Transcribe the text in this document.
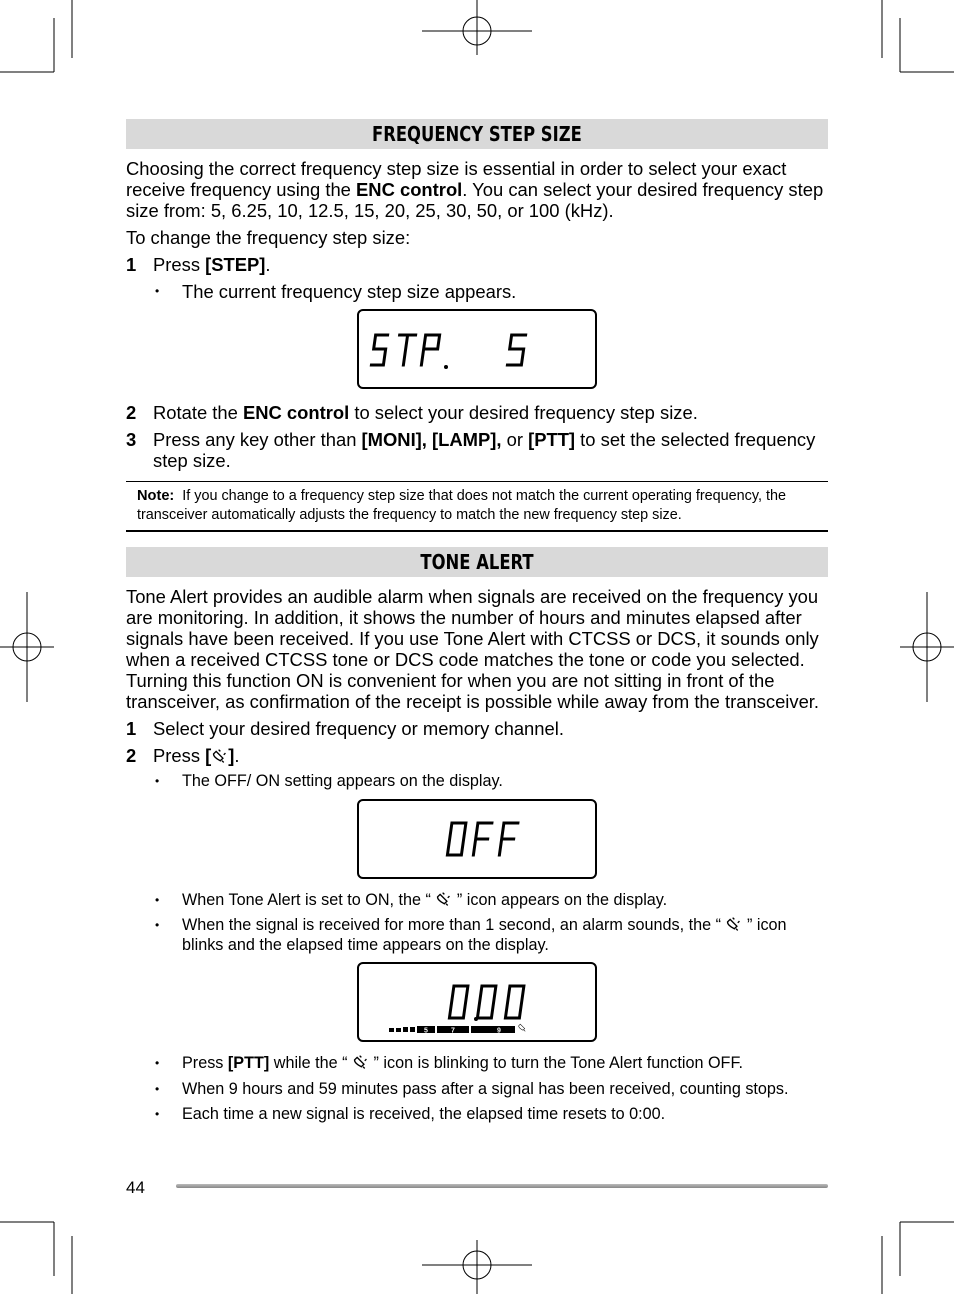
FREQUENCY STEP SIZE

Choosing the correct frequency step size is essential in order to select your exact receive frequency using the ENC control. You can select your desired frequency step size from: 5, 6.25, 10, 12.5, 15, 20, 25, 30, 50, or 100 (kHz).

To change the frequency step size:

1 Press [STEP].
•	The current frequency step size appears.
2 Rotate the ENC control to select your desired frequency step size.
3 Press any key other than [MONI], [LAMP], or [PTT] to set the selected frequency step size.
Note: If you change to a frequency step size that does not match the current operating frequency, the transceiver automatically adjusts the frequency to match the new frequency step size.
TONE ALERT

Tone Alert provides an audible alarm when signals are received on the frequency you are monitoring. In addition, it shows the number of hours and minutes elapsed after signals have been received. If you use Tone Alert with CTCSS or DCS, it sounds only when a received CTCSS tone or DCS code matches the tone or code you selected. Turning this function ON is convenient for when you are not sitting in front of the transceiver, as confirmation of the receipt is possible while away from the transceiver.

1 Select your desired frequency or memory channel.
2 Press [ ].
•	The OFF/ ON setting appears on the display.
•	When Tone Alert is set to ON, the “  ” icon appears on the display.
•	When the signal is received for more than 1 second, an alarm sounds, the “  ” icon blinks and the elapsed time appears on the display.
5	7	9
•	Press [PTT] while the “  ” icon is blinking to turn the Tone Alert function OFF.
•	When 9 hours and 59 minutes pass after a signal has been received, counting stops.
•	Each time a new signal is received, the elapsed time resets to 0:00.
44
